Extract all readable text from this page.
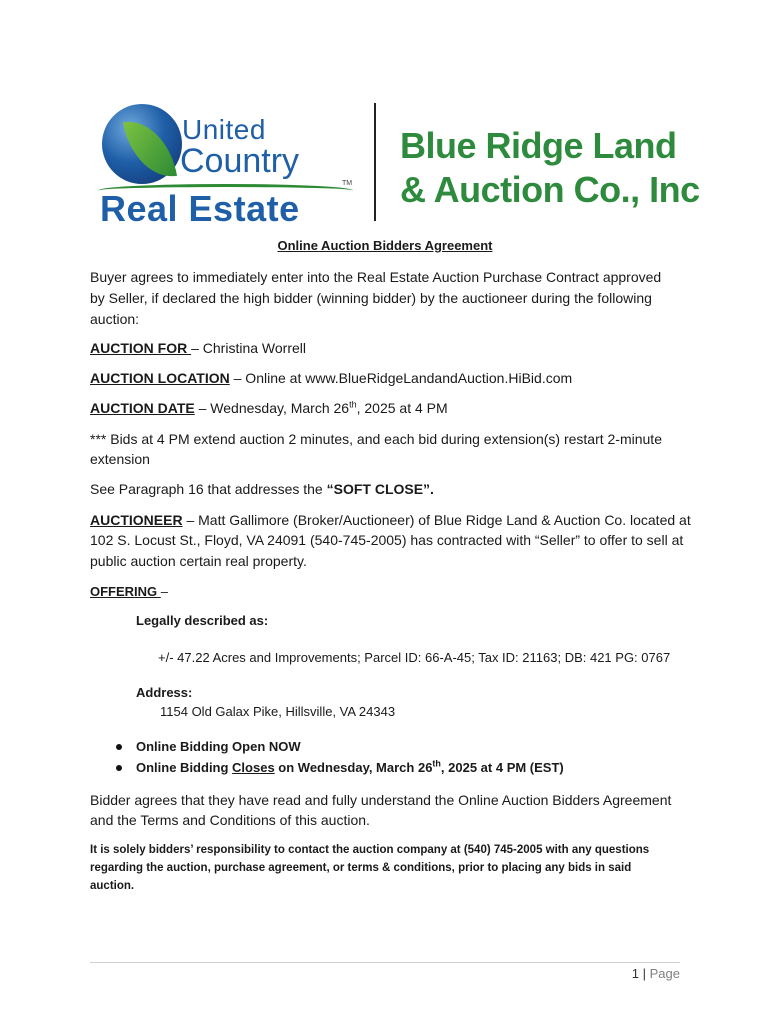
United
Country
Real Estate
TM
Blue Ridge Land
& Auction Co., Inc
Online Auction Bidders Agreement
Buyer agrees to immediately enter into the Real Estate Auction Purchase Contract approved
by Seller, if declared the high bidder (winning bidder) by the auctioneer during the following
auction:
AUCTION FOR – Christina Worrell
AUCTION LOCATION – Online at www.BlueRidgeLandandAuction.HiBid.com
AUCTION DATE – Wednesday, March 26th, 2025 at 4 PM
*** Bids at 4 PM extend auction 2 minutes, and each bid during extension(s) restart 2-minute
extension
See Paragraph 16 that addresses the “SOFT CLOSE”.
AUCTIONEER – Matt Gallimore (Broker/Auctioneer) of Blue Ridge Land & Auction Co. located at
102 S. Locust St., Floyd, VA 24091 (540-745-2005) has contracted with “Seller” to offer to sell at
public auction certain real property.
OFFERING –
Legally described as:
+/- 47.22 Acres and Improvements; Parcel ID: 66-A-45; Tax ID: 21163; DB: 421 PG: 0767
Address:
1154 Old Galax Pike, Hillsville, VA 24343
Online Bidding Open NOW
Online Bidding Closes on Wednesday, March 26th, 2025 at 4 PM (EST)
Bidder agrees that they have read and fully understand the Online Auction Bidders Agreement
and the Terms and Conditions of this auction.
It is solely bidders’ responsibility to contact the auction company at (540) 745-2005 with any questions
regarding the auction, purchase agreement, or terms & conditions, prior to placing any bids in said
auction.
1 | Page
